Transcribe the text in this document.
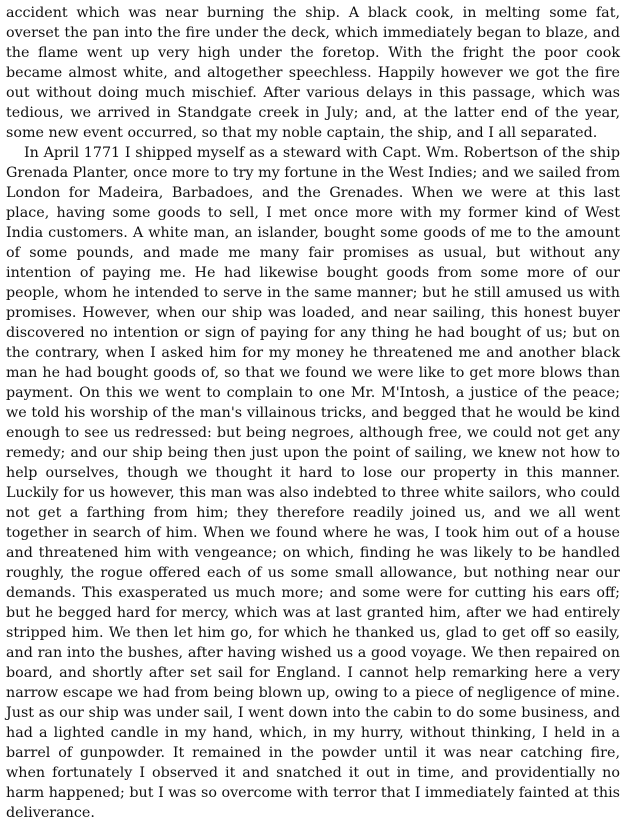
accident which was near burning the ship. A black cook, in melting some fat, overset the pan into the fire under the deck, which immediately began to blaze, and the flame went up very high under the foretop. With the fright the poor cook became almost white, and altogether speechless. Happily however we got the fire out without doing much mischief. After various delays in this passage, which was tedious, we arrived in Standgate creek in July; and, at the latter end of the year, some new event occurred, so that my noble captain, the ship, and I all separated.

In April 1771 I shipped myself as a steward with Capt. Wm. Robertson of the ship Grenada Planter, once more to try my fortune in the West Indies; and we sailed from London for Madeira, Barbadoes, and the Grenades. When we were at this last place, having some goods to sell, I met once more with my former kind of West India customers. A white man, an islander, bought some goods of me to the amount of some pounds, and made me many fair promises as usual, but without any intention of paying me. He had likewise bought goods from some more of our people, whom he intended to serve in the same manner; but he still amused us with promises. However, when our ship was loaded, and near sailing, this honest buyer discovered no intention or sign of paying for any thing he had bought of us; but on the contrary, when I asked him for my money he threatened me and another black man he had bought goods of, so that we found we were like to get more blows than payment. On this we went to complain to one Mr. M'Intosh, a justice of the peace; we told his worship of the man's villainous tricks, and begged that he would be kind enough to see us redressed: but being negroes, although free, we could not get any remedy; and our ship being then just upon the point of sailing, we knew not how to help ourselves, though we thought it hard to lose our property in this manner. Luckily for us however, this man was also indebted to three white sailors, who could not get a farthing from him; they therefore readily joined us, and we all went together in search of him. When we found where he was, I took him out of a house and threatened him with vengeance; on which, finding he was likely to be handled roughly, the rogue offered each of us some small allowance, but nothing near our demands. This exasperated us much more; and some were for cutting his ears off; but he begged hard for mercy, which was at last granted him, after we had entirely stripped him. We then let him go, for which he thanked us, glad to get off so easily, and ran into the bushes, after having wished us a good voyage. We then repaired on board, and shortly after set sail for England. I cannot help remarking here a very narrow escape we had from being blown up, owing to a piece of negligence of mine. Just as our ship was under sail, I went down into the cabin to do some business, and had a lighted candle in my hand, which, in my hurry, without thinking, I held in a barrel of gunpowder. It remained in the powder until it was near catching fire, when fortunately I observed it and snatched it out in time, and providentially no harm happened; but I was so overcome with terror that I immediately fainted at this deliverance.
